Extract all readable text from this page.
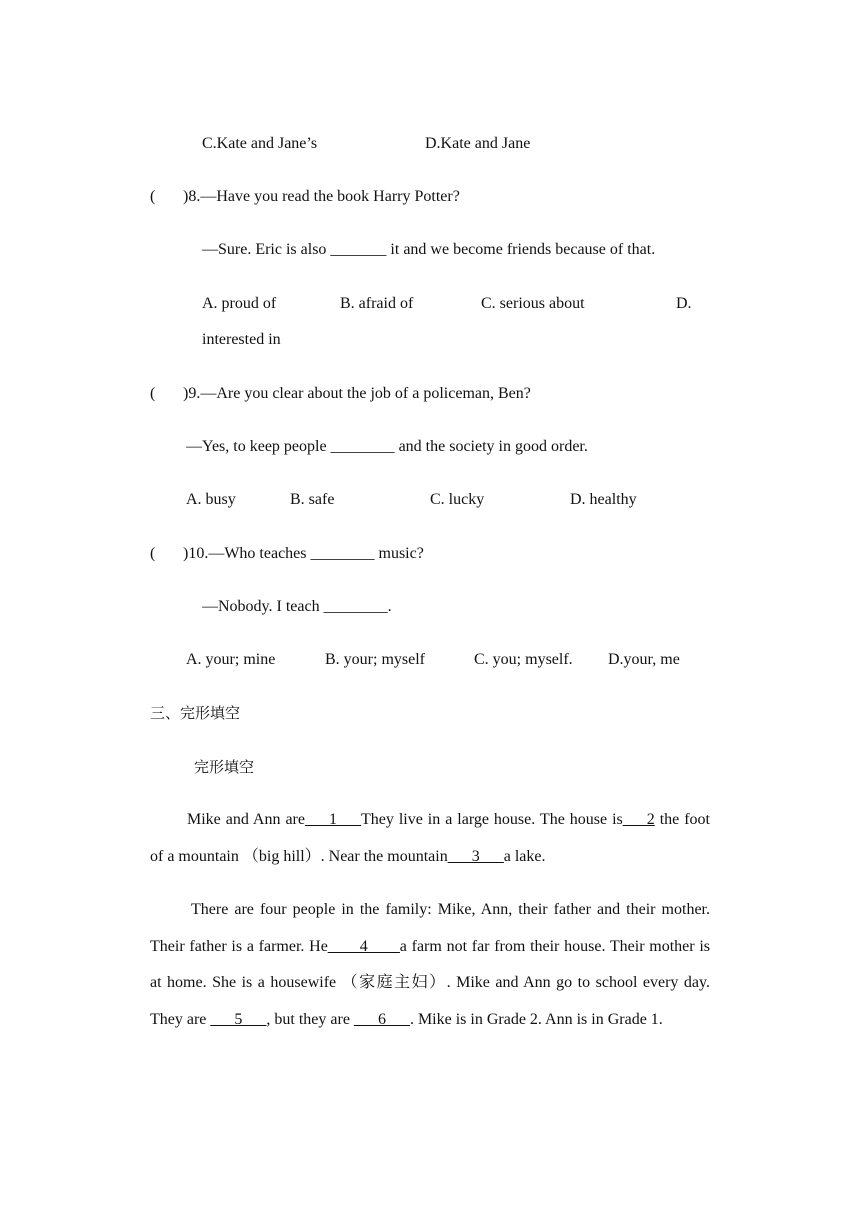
C.Kate and Jane’s	D.Kate and Jane
( )8.—Have you read the book Harry Potter?
—Sure. Eric is also _______ it and we become friends because of that.
A. proud of	B. afraid of	C. serious about	D.
interested in
( )9.—Are you clear about the job of a policeman, Ben?
—Yes, to keep people ________ and the society in good order.
A. busy	B. safe	C. lucky	D. healthy
( )10.—Who teaches ________ music?
—Nobody. I teach ________.
A. your; mine	B. your; myself	C. you; myself. D.your, me
三、完形填空
完形填空
Mike and Ann are___1___They live in a large house. The house is___2 the foot of a mountain （big hill）. Near the mountain___3___a lake.
There are four people in the family: Mike, Ann, their father and their mother. Their father is a farmer. He____4____a farm not far from their house. Their mother is at home. She is a housewife （家庭主妇）. Mike and Ann go to school every day. They are ___5___, but they are ___6___. Mike is in Grade 2. Ann is in Grade 1.
